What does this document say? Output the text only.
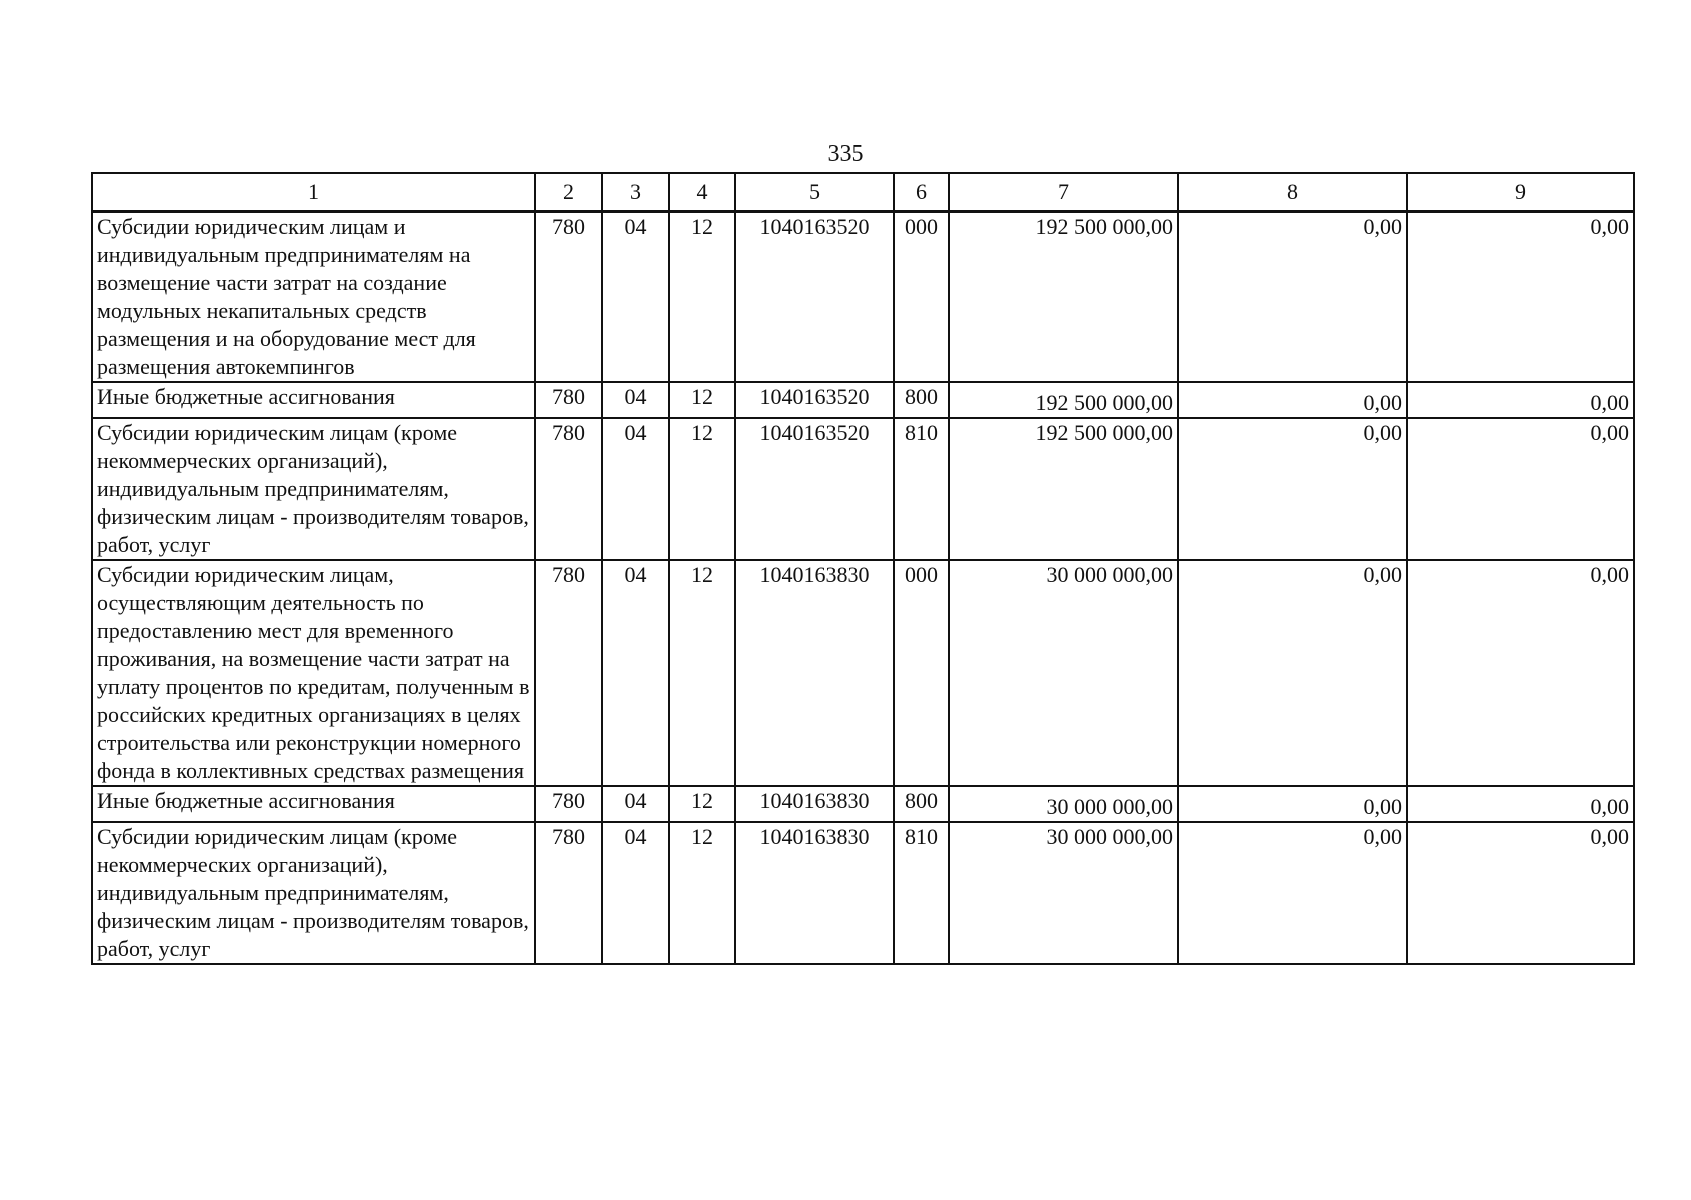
335
1	2	3	4	5	6	7	8	9
Субсидии юридическим лицам и индивидуальным предпринимателям на возмещение части затрат на создание модульных некапитальных средств размещения и на оборудование мест для размещения автокемпингов	780	04	12	1040163520	000	192 500 000,00	0,00	0,00
Иные бюджетные ассигнования	780	04	12	1040163520	800	192 500 000,00	0,00	0,00
Субсидии юридическим лицам (кроме некоммерческих организаций), индивидуальным предпринимателям, физическим лицам - производителям товаров, работ, услуг	780	04	12	1040163520	810	192 500 000,00	0,00	0,00
Субсидии юридическим лицам, осуществляющим деятельность по предоставлению мест для временного проживания, на возмещение части затрат на уплату процентов по кредитам, полученным в российских кредитных организациях в целях строительства или реконструкции номерного фонда в коллективных средствах размещения	780	04	12	1040163830	000	30 000 000,00	0,00	0,00
Иные бюджетные ассигнования	780	04	12	1040163830	800	30 000 000,00	0,00	0,00
Субсидии юридическим лицам (кроме некоммерческих организаций), индивидуальным предпринимателям, физическим лицам - производителям товаров, работ, услуг	780	04	12	1040163830	810	30 000 000,00	0,00	0,00
